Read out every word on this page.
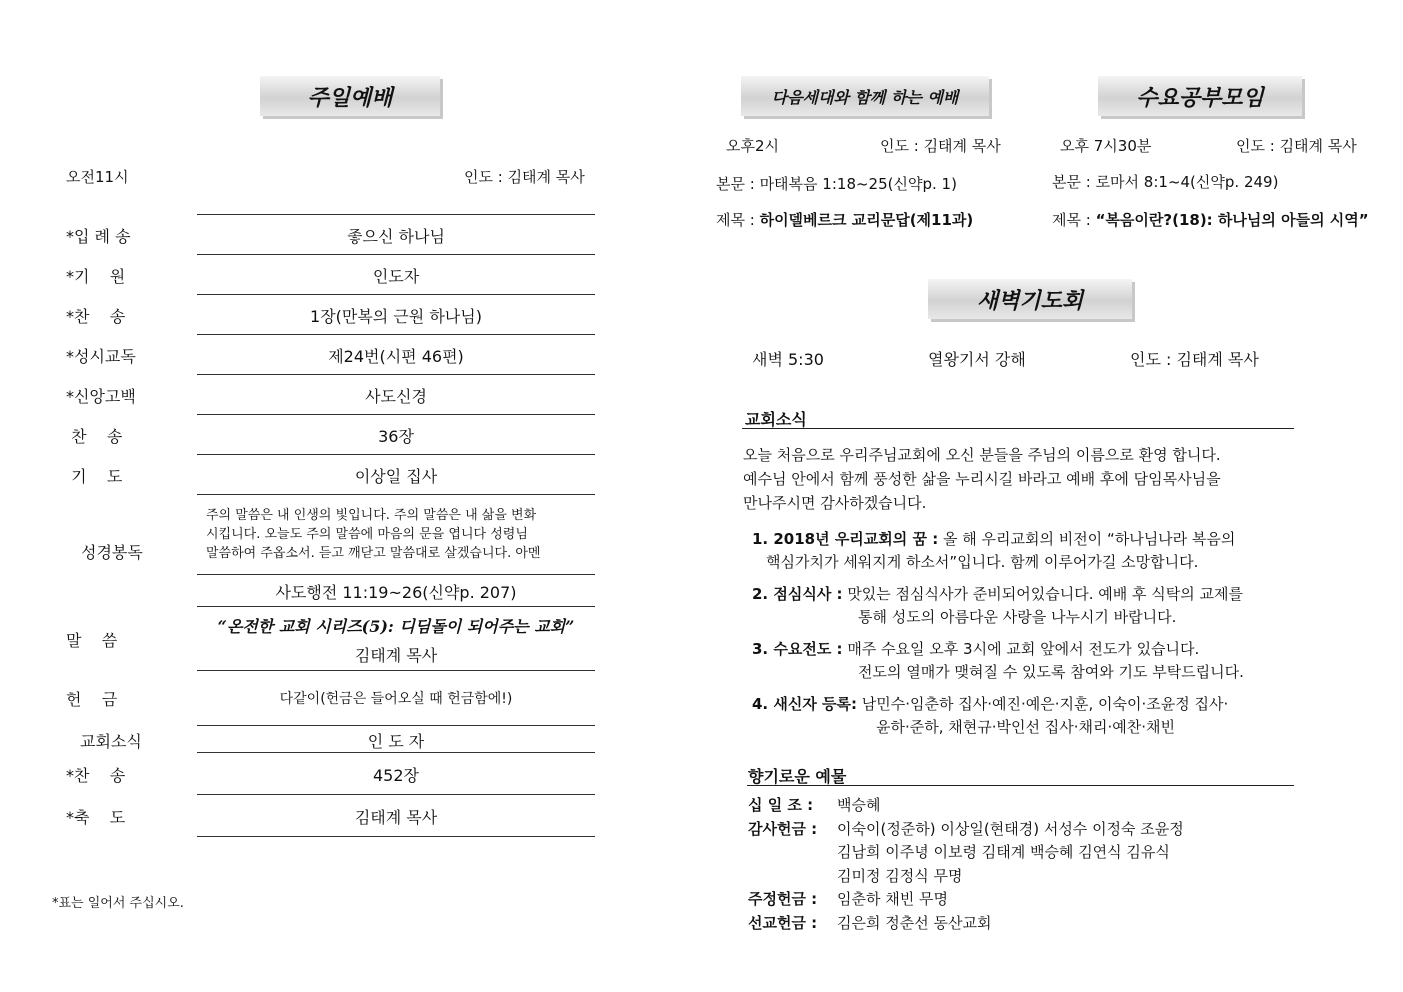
주일예배
오전11시	인도 : 김태계 목사
*입 례 송	좋으신 하나님
*기    원	인도자
*찬    송	1장(만복의 근원 하나님)
*성시교독	제24번(시편 46편)
*신앙고백	사도신경
찬    송	36장
기    도	이상일 집사
성경봉독
주의 말씀은 내 인생의 빛입니다. 주의 말씀은 내 삶을 변화
시킵니다. 오늘도 주의 말씀에 마음의 문을 엽니다 성령님
말씀하여 주옵소서. 듣고 깨닫고 말씀대로 살겠습니다. 아멘
사도행전 11:19~26(신약p. 207)
말    씀
“온전한 교회 시리즈(5): 디딤돌이 되어주는 교회”
김태계 목사
헌    금	다같이(헌금은 들어오실 때 헌금함에!)
교회소식	인 도 자
*찬    송	452장
*축    도	김태계 목사
*표는 일어서 주십시오.
다음세대와 함께 하는 예배
오후2시	인도 : 김태계 목사
본문 : 마태복음 1:18~25(신약p. 1)
제목 : 하이델베르크 교리문답(제11과)
수요공부모임
오후 7시30분	인도 : 김태계 목사
본문 : 로마서 8:1~4(신약p. 249)
제목 : “복음이란?(18): 하나님의 아들의 시역”
새벽기도회
새벽 5:30	열왕기서 강해	인도 : 김태계 목사
교회소식

오늘 처음으로 우리주님교회에 오신 분들을 주님의 이름으로 환영 합니다.

예수님 안에서 함께 풍성한 삶을 누리시길 바라고 예배 후에 담임목사님을

만나주시면 감사하겠습니다.

1. 2018년 우리교회의 꿈 : 올 해 우리교회의 비전이 “하나님나라 복음의
핵심가치가 세워지게 하소서”입니다. 함께 이루어가길 소망합니다.
2. 점심식사 : 맛있는 점심식사가 준비되어있습니다. 예배 후 식탁의 교제를
통해 성도의 아름다운 사랑을 나누시기 바랍니다.
3. 수요전도 : 매주 수요일 오후 3시에 교회 앞에서 전도가 있습니다.
전도의 열매가 맺혀질 수 있도록 참여와 기도 부탁드립니다.
4. 새신자 등록: 남민수·임춘하 집사·예진·예은·지훈, 이숙이·조윤정 집사·
윤하·준하, 채현규·박인선 집사·채리·예찬·채빈
향기로운 예물
십 일 조 : 백승혜
감사헌금 : 이숙이(정준하) 이상일(현태경) 서성수 이정숙 조윤정
김남희 이주녕 이보령 김태계 백승혜 김연식 김유식
김미정 김정식 무명
주정헌금 : 임춘하 채빈 무명
선교헌금 : 김은희 정춘선 동산교회
